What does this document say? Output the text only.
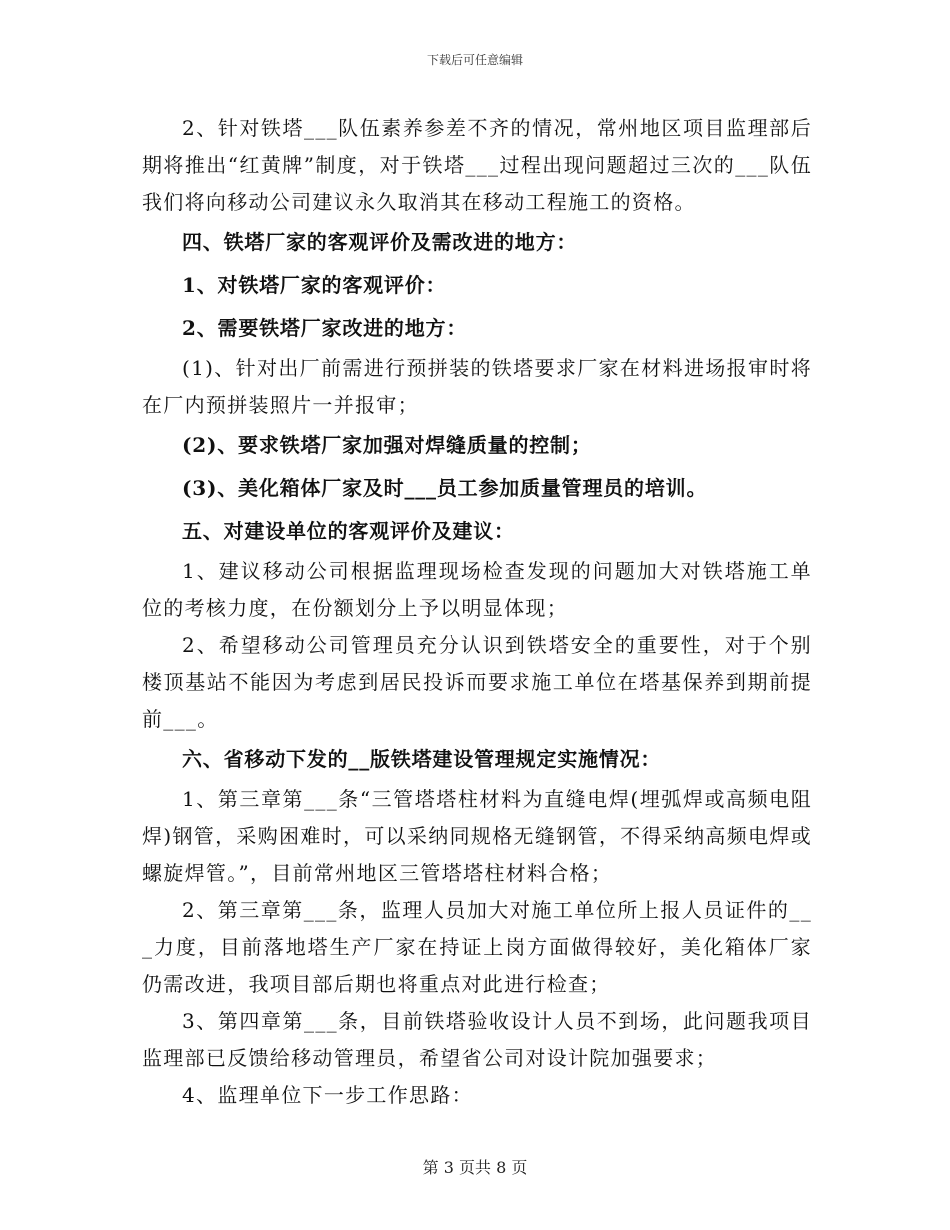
下载后可任意编辑

2、针对铁塔___队伍素养参差不齐的情况，常州地区项目监理部后期将推出“红黄牌”制度，对于铁塔___过程出现问题超过三次的___队伍我们将向移动公司建议永久取消其在移动工程施工的资格。

四、铁塔厂家的客观评价及需改进的地方：

1、对铁塔厂家的客观评价：

2、需要铁塔厂家改进的地方：

(1)、针对出厂前需进行预拼装的铁塔要求厂家在材料进场报审时将在厂内预拼装照片一并报审；

(2)、要求铁塔厂家加强对焊缝质量的控制；

(3)、美化箱体厂家及时___员工参加质量管理员的培训。

五、对建设单位的客观评价及建议：

1、建议移动公司根据监理现场检查发现的问题加大对铁塔施工单位的考核力度，在份额划分上予以明显体现；

2、希望移动公司管理员充分认识到铁塔安全的重要性，对于个别楼顶基站不能因为考虑到居民投诉而要求施工单位在塔基保养到期前提前___。

六、省移动下发的__版铁塔建设管理规定实施情况：

1、第三章第___条“三管塔塔柱材料为直缝电焊(埋弧焊或高频电阻焊)钢管，采购困难时，可以采纳同规格无缝钢管，不得采纳高频电焊或螺旋焊管。”，目前常州地区三管塔塔柱材料合格；

2、第三章第___条，监理人员加大对施工单位所上报人员证件的___力度，目前落地塔生产厂家在持证上岗方面做得较好，美化箱体厂家仍需改进，我项目部后期也将重点对此进行检查；

3、第四章第___条，目前铁塔验收设计人员不到场，此问题我项目监理部已反馈给移动管理员，希望省公司对设计院加强要求；

4、监理单位下一步工作思路：

第 3 页共 8 页
